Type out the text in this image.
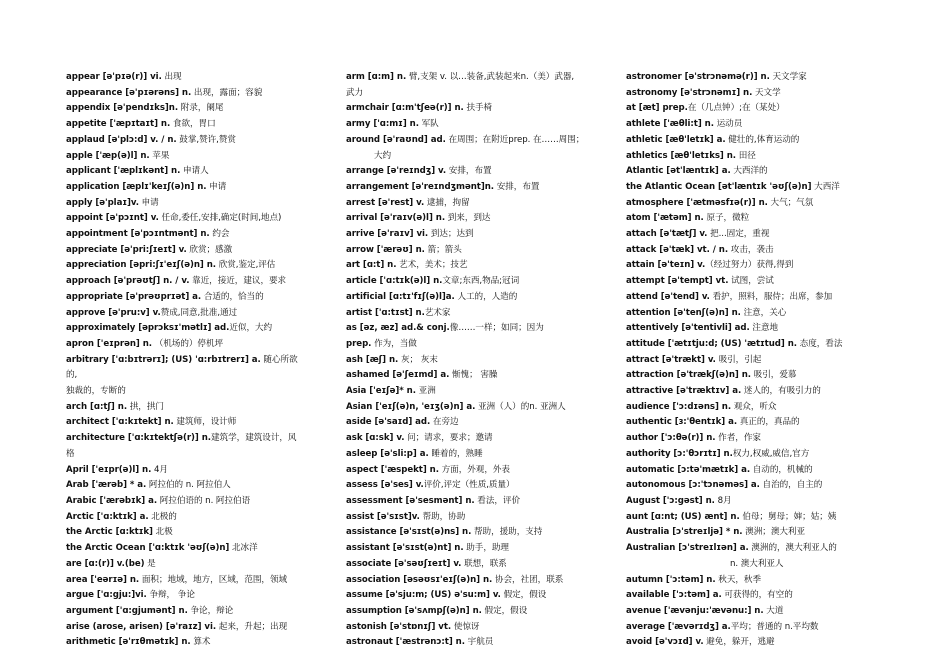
appear [ə'pɪə(r)] vi. 出现
appearance [ə'pɪərəns] n. 出现，露面；容貌
appendix [ə'pendɪks]n. 附录，阑尾
appetite ['æpɪtaɪt] n. 食欲，胃口
applaud [ə'plɔ:d] v. / n. 鼓掌,赞许,赞赏
apple ['æp(ə)l] n. 苹果
applicant ['æplɪkənt] n. 申请人
application [æplɪ'keɪʃ(ə)n] n. 申请
apply [ə'plaɪ]v. 申请
appoint [ə'pɔɪnt] v. 任命,委任,安排,确定(时间,地点)
appointment [ə'pɔɪntmənt] n. 约会
appreciate [ə'pri:ʃɪeɪt] v. 欣赏；感激
appreciation [əpri:ʃɪ'eɪʃ(ə)n] n. 欣赏,鉴定,评估
approach [ə'prəʊtʃ] n. / v. 靠近，接近，建议，要求
appropriate [ə'prəʊprɪət] a. 合适的，恰当的
approve [ə'pru:v] v.赞成,同意,批准,通过
approximately [əprɔksɪ'mətlɪ] ad.近似，大约
apron ['eɪprən] n. （机场的）停机坪
arbitrary ['ɑ:bɪtrərɪ]; (US) 'ɑ:rbɪtrerɪ] a. 随心所欲
的,
独裁的，专断的
arch [ɑ:tʃ] n. 拱，拱门
architect ['ɑ:kɪtekt] n. 建筑师，设计师
architecture ['ɑ:kɪtektʃə(r)] n.建筑学，建筑设计，风
格
April ['eɪpr(ə)l] n. 4月
Arab ['ærəb] * a. 阿拉伯的 n. 阿拉伯人
Arabic ['ærəbɪk] a. 阿拉伯语的 n. 阿拉伯语
Arctic ['ɑ:ktɪk] a. 北极的
the Arctic [ɑ:ktɪk] 北极
the Arctic Ocean ['ɑ:ktɪk 'əʊʃ(ə)n] 北冰洋
are [ɑ:(r)] v.(be) 是
area ['eərɪə] n. 面积；地域，地方，区域，范围，领域
argue ['ɑ:gju:]vi. 争辩， 争论
argument ['ɑ:gjumənt] n. 争论，辩论
arise (arose, arisen) [ə'raɪz] vi. 起来，升起；出现
arithmetic [ə'rɪθmətɪk] n. 算术
arm [ɑ:m] n. 臂,支架 v. 以…装备,武装起来n.（美）武器,
武力
armchair [ɑ:m'tʃeə(r)] n. 扶手椅
army ['ɑ:mɪ] n. 军队
around [ə'raʊnd] ad. 在周围；在附近prep. 在……周围；
大约
arrange [ə'reɪndʒ] v. 安排，布置
arrangement [ə'reɪndʒmənt]n. 安排，布置
arrest [ə'rest] v. 逮捕，拘留
arrival [ə'raɪv(ə)l] n. 到来，到达
arrive [ə'raɪv] vi. 到达；达到
arrow ['ærəʊ] n. 箭；箭头
art [ɑ:t] n. 艺术，美术；技艺
article ['ɑ:tɪk(ə)l] n.文章;东西,物品;冠词
artificial [ɑ:tɪ'fɪʃ(ə)l]a. 人工的，人造的
artist ['ɑ:tɪst] n.艺术家
as [əz, æz] ad.& conj.像……一样；如同；因为
prep. 作为，当做
ash [æʃ] n. 灰； 灰末
ashamed [ə'ʃeɪmd] a. 惭愧； 害臊
Asia ['eɪʃə]* n. 亚洲
Asian ['eɪʃ(ə)n, 'eɪʒ(ə)n] a. 亚洲（人）的n. 亚洲人
aside [ə'saɪd] ad. 在旁边
ask [ɑ:sk] v. 问；请求，要求；邀请
asleep [ə'sli:p] a. 睡着的，熟睡
aspect ['æspekt] n. 方面，外观，外表
assess [ə'ses] v.评价,评定（性质,质量）
assessment [ə'sesmənt] n. 看法，评价
assist [ə'sɪst]v. 帮助，协助
assistance [ə'sɪst(ə)ns] n. 帮助，援助，支持
assistant [ə'sɪst(ə)nt] n. 助手，助理
associate [ə'səʊʃɪeɪt] v. 联想，联系
association [əsəʊsɪ'eɪʃ(ə)n] n. 协会，社团，联系
assume [ə'sju:m; (US) ə'su:m] v. 假定，假设
assumption [ə'sʌmpʃ(ə)n] n. 假定，假设
astonish [ə'stɒnɪʃ] vt. 使惊讶
astronaut ['æstrənɔ:t] n. 宇航员
astronomer [ə'strɔnəmə(r)] n. 天文学家
astronomy [ə'strɔnəmɪ] n. 天文学
at [æt] prep.在（几点钟）;在（某处）
athlete ['æθli:t] n. 运动员
athletic [æθ'letɪk] a. 健壮的,体育运动的
athletics [æθ'letɪks] n. 田径
Atlantic [ət'læntɪk] a. 大西洋的
the Atlantic Ocean [ət'læntɪk 'əʊʃ(ə)n] 大西洋
atmosphere ['ætməsfɪə(r)] n. 大气；气氛
atom ['ætəm] n. 原子，微粒
attach [ə'tætʃ] v. 把...固定，重视
attack [ə'tæk] vt. / n. 攻击，袭击
attain [ə'teɪn] v.（经过努力）获得,得到
attempt [ə'tempt] vt. 试图，尝试
attend [ə'tend] v. 看护，照料，服侍；出席，参加
attention [ə'tenʃ(ə)n] n. 注意，关心
attentively [ə'tentivli] ad. 注意地
attitude ['ætɪtju:d; (US) 'ætɪtud] n. 态度，看法
attract [ə'trækt] v. 吸引，引起
attraction [ə'trækʃ(ə)n] n. 吸引，爱慕
attractive [ə'træktɪv] a. 迷人的，有吸引力的
audience ['ɔ:dɪəns] n. 观众，听众
authentic [ɜ:'θentɪk] a. 真正的，真品的
author ['ɔ:θə(r)] n. 作者，作家
authority [ɔ:'θɔrɪtɪ] n.权力,权威,威信,官方
automatic [ɔ:tə'mætɪk] a. 自动的，机械的
autonomous [ɔ:'tɔnəməs] a. 自治的，自主的
August ['ɔ:gəst] n. 8月
aunt [ɑ:nt; (US) ænt] n. 伯母；舅母；婶；姑；姨
Australia [ɔ'streɪljə] * n. 澳洲；澳大利亚
Australian [ɔ'streɪlɪən] a. 澳洲的，澳大利亚人的
n. 澳大利亚人
autumn ['ɔ:təm] n. 秋天，秋季
available ['ɔ:təm] a. 可获得的，有空的
avenue ['ævənju:'ævənu:] n. 大道
average ['ævərɪdʒ] a.平均；普通的 n.平均数
avoid [ə'vɔɪd] v. 避免，躲开，逃避
